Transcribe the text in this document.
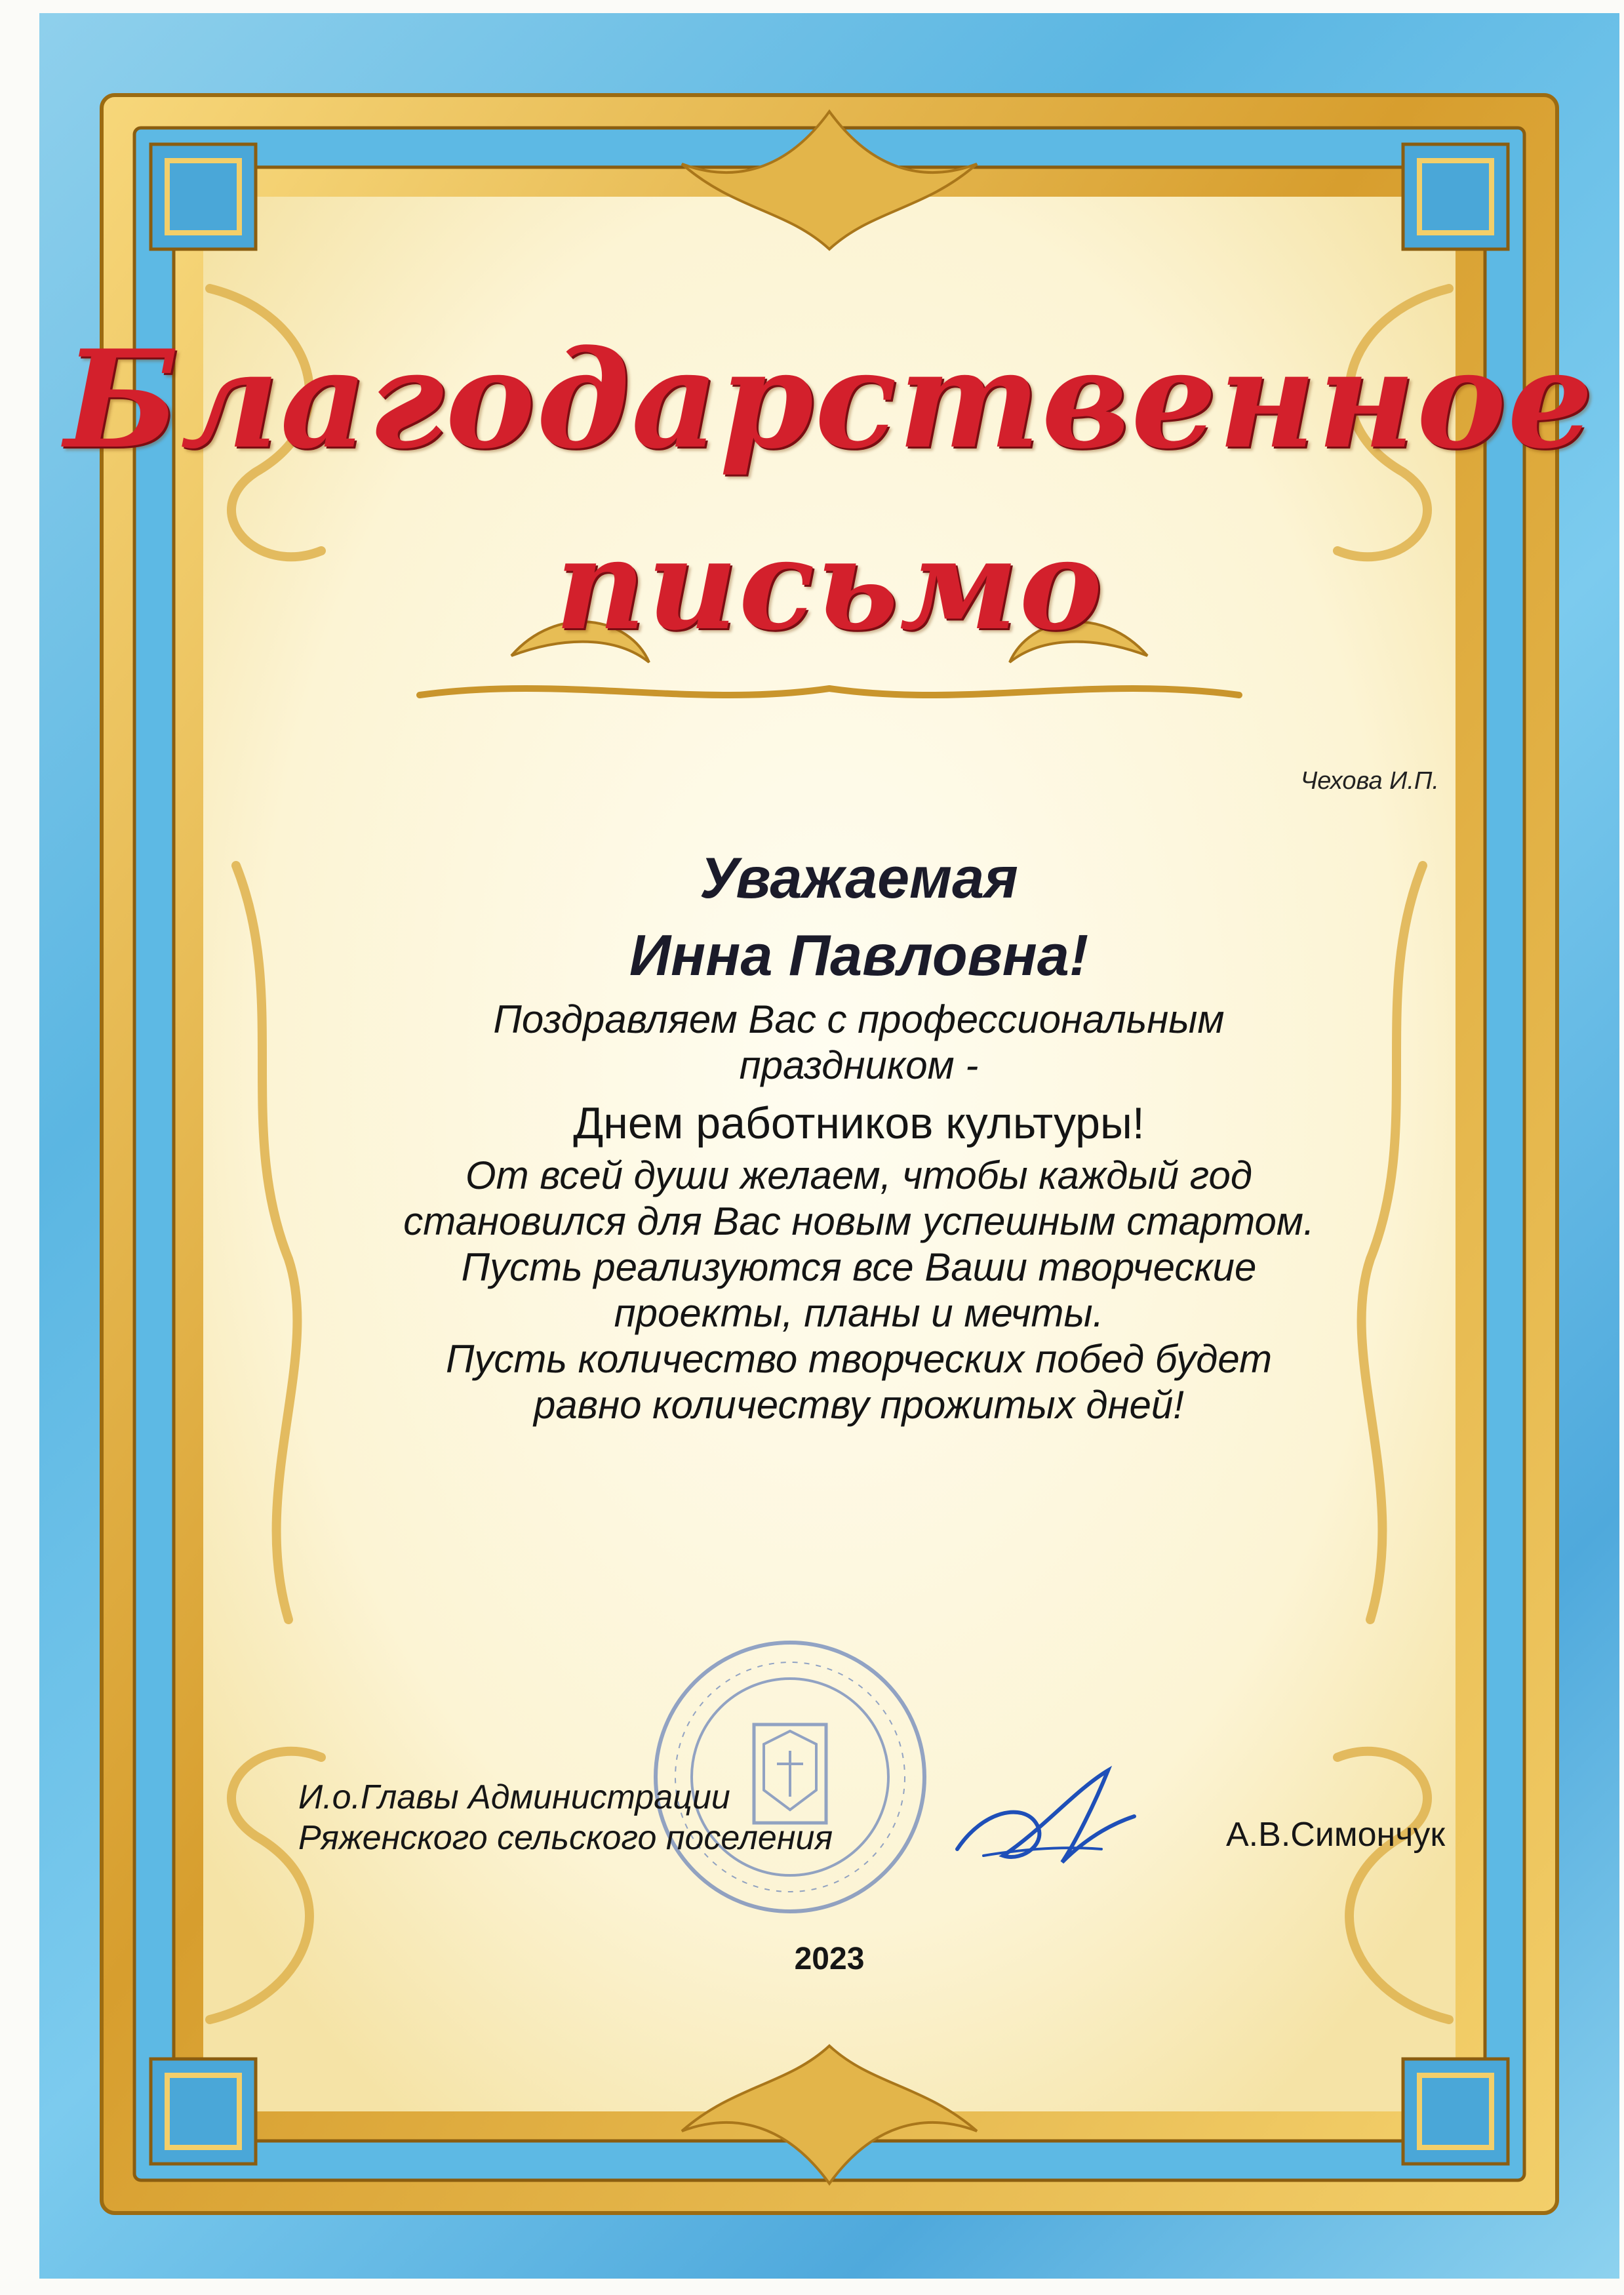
Благодарственное
письмо
Чехова И.П.
Уважаемая
Инна Павловна!
Поздравляем Вас с профессиональным
праздником -
Днем работников культуры!
От всей души желаем, чтобы каждый год
становился для Вас новым успешным стартом.
Пусть реализуются все Ваши творческие
проекты, планы и мечты.
Пусть количество творческих побед будет
равно количеству прожитых дней!
И.о.Главы Администрации
Ряженского сельского поселения	А.В.Симончук
2023
